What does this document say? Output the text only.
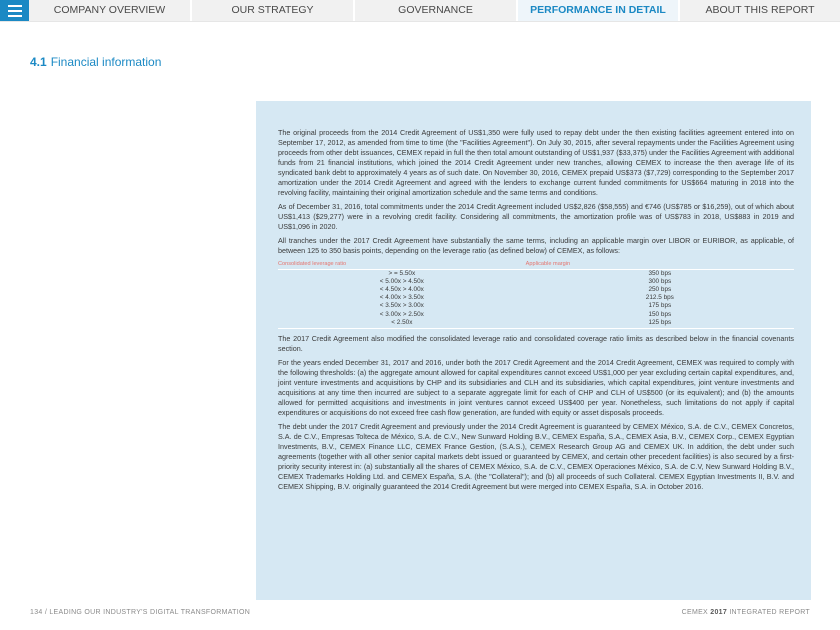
COMPANY OVERVIEW	OUR STRATEGY	GOVERNANCE	PERFORMANCE IN DETAIL	ABOUT THIS REPORT
4.1 Financial information

The original proceeds from the 2014 Credit Agreement of US$1,350 were fully used to repay debt under the then existing facilities agreement entered into on September 17, 2012, as amended from time to time (the "Facilities Agreement"). On July 30, 2015, after several repayments under the Facilities Agreement using proceeds from other debt issuances, CEMEX repaid in full the then total amount outstanding of US$1,937 ($33,375) under the Facilities Agreement with additional funds from 21 financial institutions, which joined the 2014 Credit Agreement under new tranches, allowing CEMEX to increase the then average life of its syndicated bank debt to approximately 4 years as of such date. On November 30, 2016, CEMEX prepaid US$373 ($7,729) corresponding to the September 2017 amortization under the 2014 Credit Agreement and agreed with the lenders to exchange current funded commitments for US$664 maturing in 2018 into the revolving facility, maintaining their original amortization schedule and the same terms and conditions.

As of December 31, 2016, total commitments under the 2014 Credit Agreement included US$2,826 ($58,555) and €746 (US$785 or $16,259), out of which about US$1,413 ($29,277) were in a revolving credit facility. Considering all commitments, the amortization profile was of US$783 in 2018, US$883 in 2019 and US$1,096 in 2020.

All tranches under the 2017 Credit Agreement have substantially the same terms, including an applicable margin over LIBOR or EURIBOR, as applicable, of between 125 to 350 basis points, depending on the leverage ratio (as defined below) of CEMEX, as follows:

Consolidated leverage ratio	Applicable margin
> = 5.50x	350 bps
< 5.00x > 4.50x	300 bps
< 4.50x > 4.00x	250 bps
< 4.00x > 3.50x	212.5 bps
< 3.50x > 3.00x	175 bps
< 3.00x > 2.50x	150 bps
< 2.50x	125 bps

The 2017 Credit Agreement also modified the consolidated leverage ratio and consolidated coverage ratio limits as described below in the financial covenants section.

For the years ended December 31, 2017 and 2016, under both the 2017 Credit Agreement and the 2014 Credit Agreement, CEMEX was required to comply with the following thresholds: (a) the aggregate amount allowed for capital expenditures cannot exceed US$1,000 per year excluding certain capital expenditures, and, joint venture investments and acquisitions by CHP and its subsidiaries and CLH and its subsidiaries, which capital expenditures, joint venture investments and acquisitions at any time then incurred are subject to a separate aggregate limit for each of CHP and CLH of US$500 (or its equivalent); and (b) the amounts allowed for permitted acquisitions and investments in joint ventures cannot exceed US$400 per year. Nonetheless, such limitations do not apply if capital expenditures or acquisitions do not exceed free cash flow generation, are funded with equity or asset disposals proceeds.

The debt under the 2017 Credit Agreement and previously under the 2014 Credit Agreement is guaranteed by CEMEX México, S.A. de C.V., CEMEX Concretos, S.A. de C.V., Empresas Tolteca de México, S.A. de C.V., New Sunward Holding B.V., CEMEX España, S.A., CEMEX Asia, B.V., CEMEX Corp., CEMEX Egyptian Investments, B.V., CEMEX Finance LLC, CEMEX France Gestion, (S.A.S.), CEMEX Research Group AG and CEMEX UK. In addition, the debt under such agreements (together with all other senior capital markets debt issued or guaranteed by CEMEX, and certain other precedent facilities) is also secured by a first-priority security interest in: (a) substantially all the shares of CEMEX México, S.A. de C.V., CEMEX Operaciones México, S.A. de C.V, New Sunward Holding B.V., CEMEX Trademarks Holding Ltd. and CEMEX España, S.A. (the "Collateral"); and (b) all proceeds of such Collateral. CEMEX Egyptian Investments II, B.V. and CEMEX Shipping, B.V. originally guaranteed the 2014 Credit Agreement but were merged into CEMEX España, S.A. in October 2016.

134 / LEADING OUR INDUSTRY'S DIGITAL TRANSFORMATION	CEMEX 2017 INTEGRATED REPORT
